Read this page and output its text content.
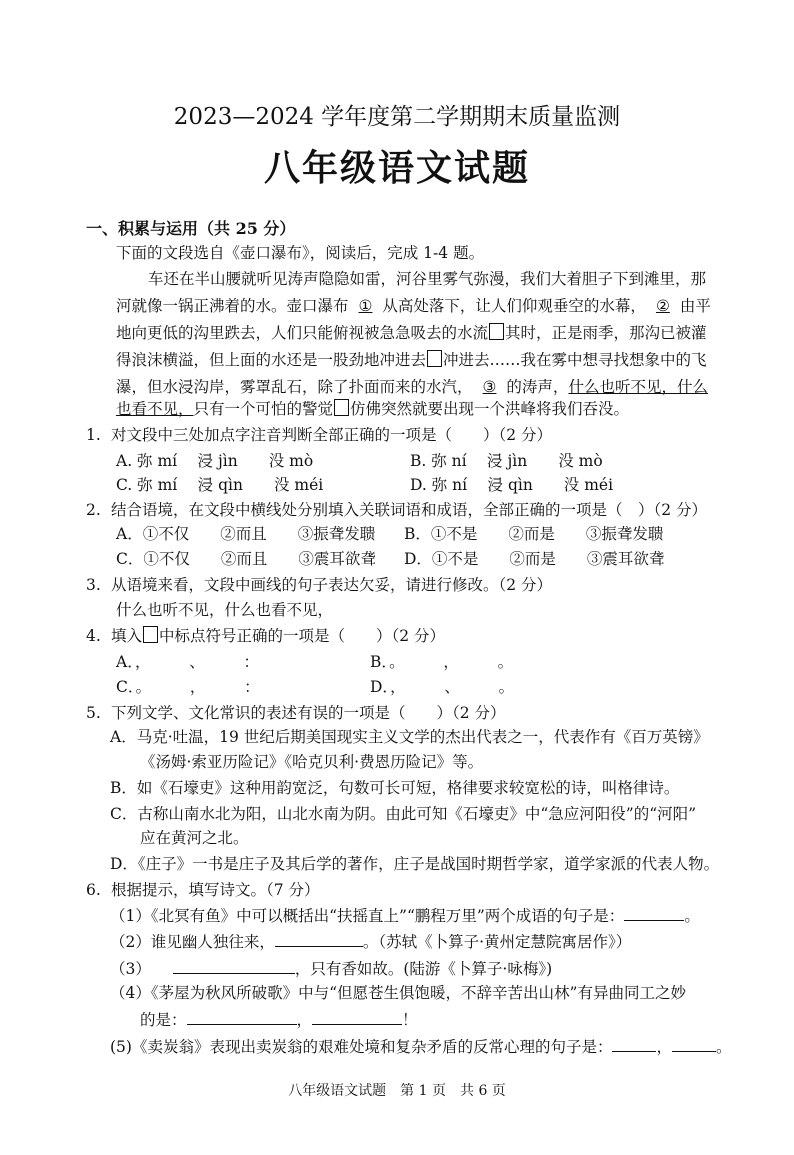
2023—2024 学年度第二学期期末质量监测
八年级语文试题
一、积累与运用（共 25 分）
下面的文段选自《壶口瀑布》，阅读后，完成 1-4 题。
车还在半山腰就听见涛声隐隐如雷，河谷里雾气弥漫，我们大着胆子下到滩里，那
河就像一锅正沸着的水。壶口瀑布 ① 从高处落下，让人们仰观垂空的水幕， ② 由平
地向更低的沟里跌去，人们只能俯视被急急吸去的水流 其时，正是雨季，那沟已被灌
得浪沫横溢，但上面的水还是一股劲地冲进去 冲进去……我在雾中想寻找想象中的飞
瀑，但水浸沟岸，雾罩乱石，除了扑面而来的水汽， ③ 的涛声，什么也听不见，什么
也看不见，只有一个可怕的警觉 仿佛突然就要出现一个洪峰将我们吞没。
1. 对文段中三处加点字注音判断全部正确的一项是（　　）（2 分）
A. 弥 mí　 浸 jìn　　没 mò	B. 弥 ní　 浸 jìn　　没 mò
C. 弥 mí　 浸 qìn　　没 méi	D. 弥 ní　 浸 qìn　　没 méi
2. 结合语境，在文段中横线处分别填入关联词语和成语，全部正确的一项是（　）（2 分）
A．①不仅　　②而且　　③振聋发聩 B．①不是　　②而是　　③振聋发聩
C．①不仅　　②而且　　③震耳欲聋 D．①不是　　②而是　　③震耳欲聋
3. 从语境来看，文段中画线的句子表达欠妥，请进行修改。（2 分）
什么也听不见，什么也看不见，
4. 填入 中标点符号正确的一项是（　　）（2 分）
A．，　　　、　　　：	B．。　　　，　　　。
C．。　　　，　　　：	D．，　　　、　　　。
5. 下列文学、文化常识的表述有误的一项是（　　）（2 分）
A．马克·吐温，19 世纪后期美国现实主义文学的杰出代表之一，代表作有《百万英镑》
《汤姆·索亚历险记》《哈克贝利·费恩历险记》等。
B．如《石壕吏》这种用韵宽泛，句数可长可短，格律要求较宽松的诗，叫格律诗。
C．古称山南水北为阳，山北水南为阴。由此可知《石壕吏》中“急应河阳役”的“河阳”
应在黄河之北。
D．《庄子》一书是庄子及其后学的著作，庄子是战国时期哲学家，道学家派的代表人物。
6. 根据提示，填写诗文。（7 分）
（1）《北冥有鱼》中可以概括出“扶摇直上”“鹏程万里”两个成语的句子是：	。
（2）谁见幽人独往来，	。（苏轼《卜算子·黄州定慧院寓居作》）
（3）	，只有香如故。(陆游《卜算子·咏梅》)
（4）《茅屋为秋风所破歌》中与“但愿苍生俱饱暖，不辞辛苦出山林”有异曲同工之妙
的是：	，	！
(5)《卖炭翁》表现出卖炭翁的艰难处境和复杂矛盾的反常心理的句子是：	，	。
八年级语文试题　第 1 页　共 6 页
